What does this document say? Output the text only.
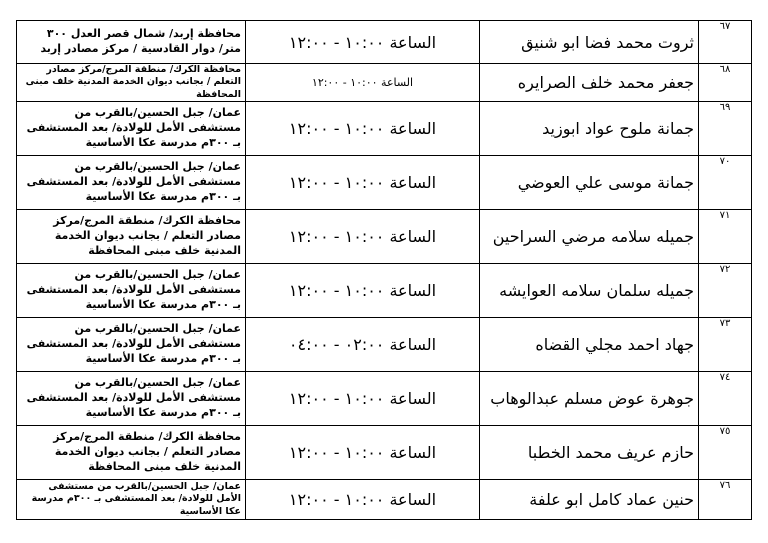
٦٧	ثروت محمد فضا ابو شنيق	الساعة ١٠:٠٠ - ١٢:٠٠	محافظة إربد/ شمال قصر العدل ٣٠٠ متر/ دوار القادسية / مركز مصادر إربد
٦٨	جعفر محمد خلف الصرايره	الساعة ١٠:٠٠ - ١٢:٠٠	محافظة الكرك/ منطقة المرج/مركز مصادر التعلم / بجانب ديوان الخدمة المدنية خلف مبنى المحافظة
٦٩	جمانة ملوح عواد ابوزيد	الساعة ١٠:٠٠ - ١٢:٠٠	عمان/ جبل الحسين/بالقرب من مستشفى الأمل للولادة/ بعد المستشفى بـ ٣٠٠م مدرسة عكا الأساسية
٧٠	جمانة موسى علي العوضي	الساعة ١٠:٠٠ - ١٢:٠٠	عمان/ جبل الحسين/بالقرب من مستشفى الأمل للولادة/ بعد المستشفى بـ ٣٠٠م مدرسة عكا الأساسية
٧١	جميله سلامه مرضي السراحين	الساعة ١٠:٠٠ - ١٢:٠٠	محافظة الكرك/ منطقة المرج/مركز مصادر التعلم / بجانب ديوان الخدمة المدنية خلف مبنى المحافظة
٧٢	جميله سلمان سلامه العوايشه	الساعة ١٠:٠٠ - ١٢:٠٠	عمان/ جبل الحسين/بالقرب من مستشفى الأمل للولادة/ بعد المستشفى بـ ٣٠٠م مدرسة عكا الأساسية
٧٣	جهاد احمد مجلي القضاه	الساعة ٠٢:٠٠ - ٠٤:٠٠	عمان/ جبل الحسين/بالقرب من مستشفى الأمل للولادة/ بعد المستشفى بـ ٣٠٠م مدرسة عكا الأساسية
٧٤	جوهرة عوض مسلم عبدالوهاب	الساعة ١٠:٠٠ - ١٢:٠٠	عمان/ جبل الحسين/بالقرب من مستشفى الأمل للولادة/ بعد المستشفى بـ ٣٠٠م مدرسة عكا الأساسية
٧٥	حازم عريف محمد الخطبا	الساعة ١٠:٠٠ - ١٢:٠٠	محافظة الكرك/ منطقة المرج/مركز مصادر التعلم / بجانب ديوان الخدمة المدنية خلف مبنى المحافظة
٧٦	حنين عماد كامل ابو علفة	الساعة ١٠:٠٠ - ١٢:٠٠	عمان/ جبل الحسين/بالقرب من مستشفى الأمل للولادة/ بعد المستشفى بـ ٣٠٠م مدرسة عكا الأساسية
